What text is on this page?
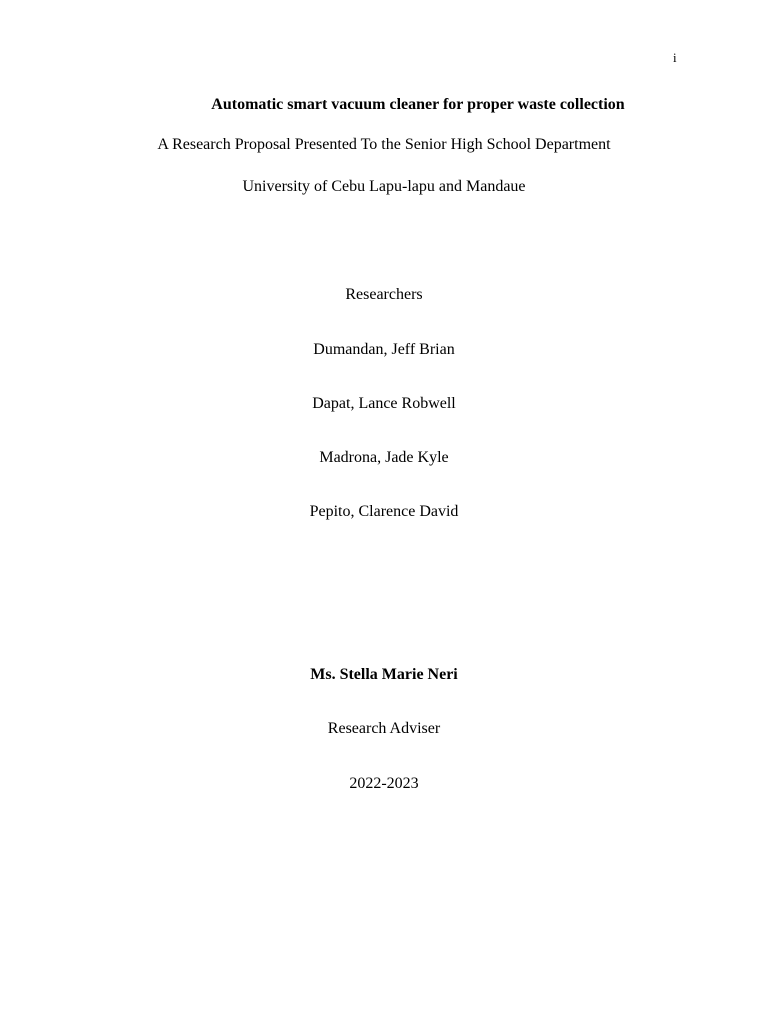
i
Automatic smart vacuum cleaner for proper waste collection
A Research Proposal Presented To the Senior High School Department
University of Cebu Lapu-lapu and Mandaue
Researchers
Dumandan, Jeff Brian
Dapat, Lance Robwell
Madrona, Jade Kyle
Pepito, Clarence David
Ms. Stella Marie Neri
Research Adviser
2022-2023
